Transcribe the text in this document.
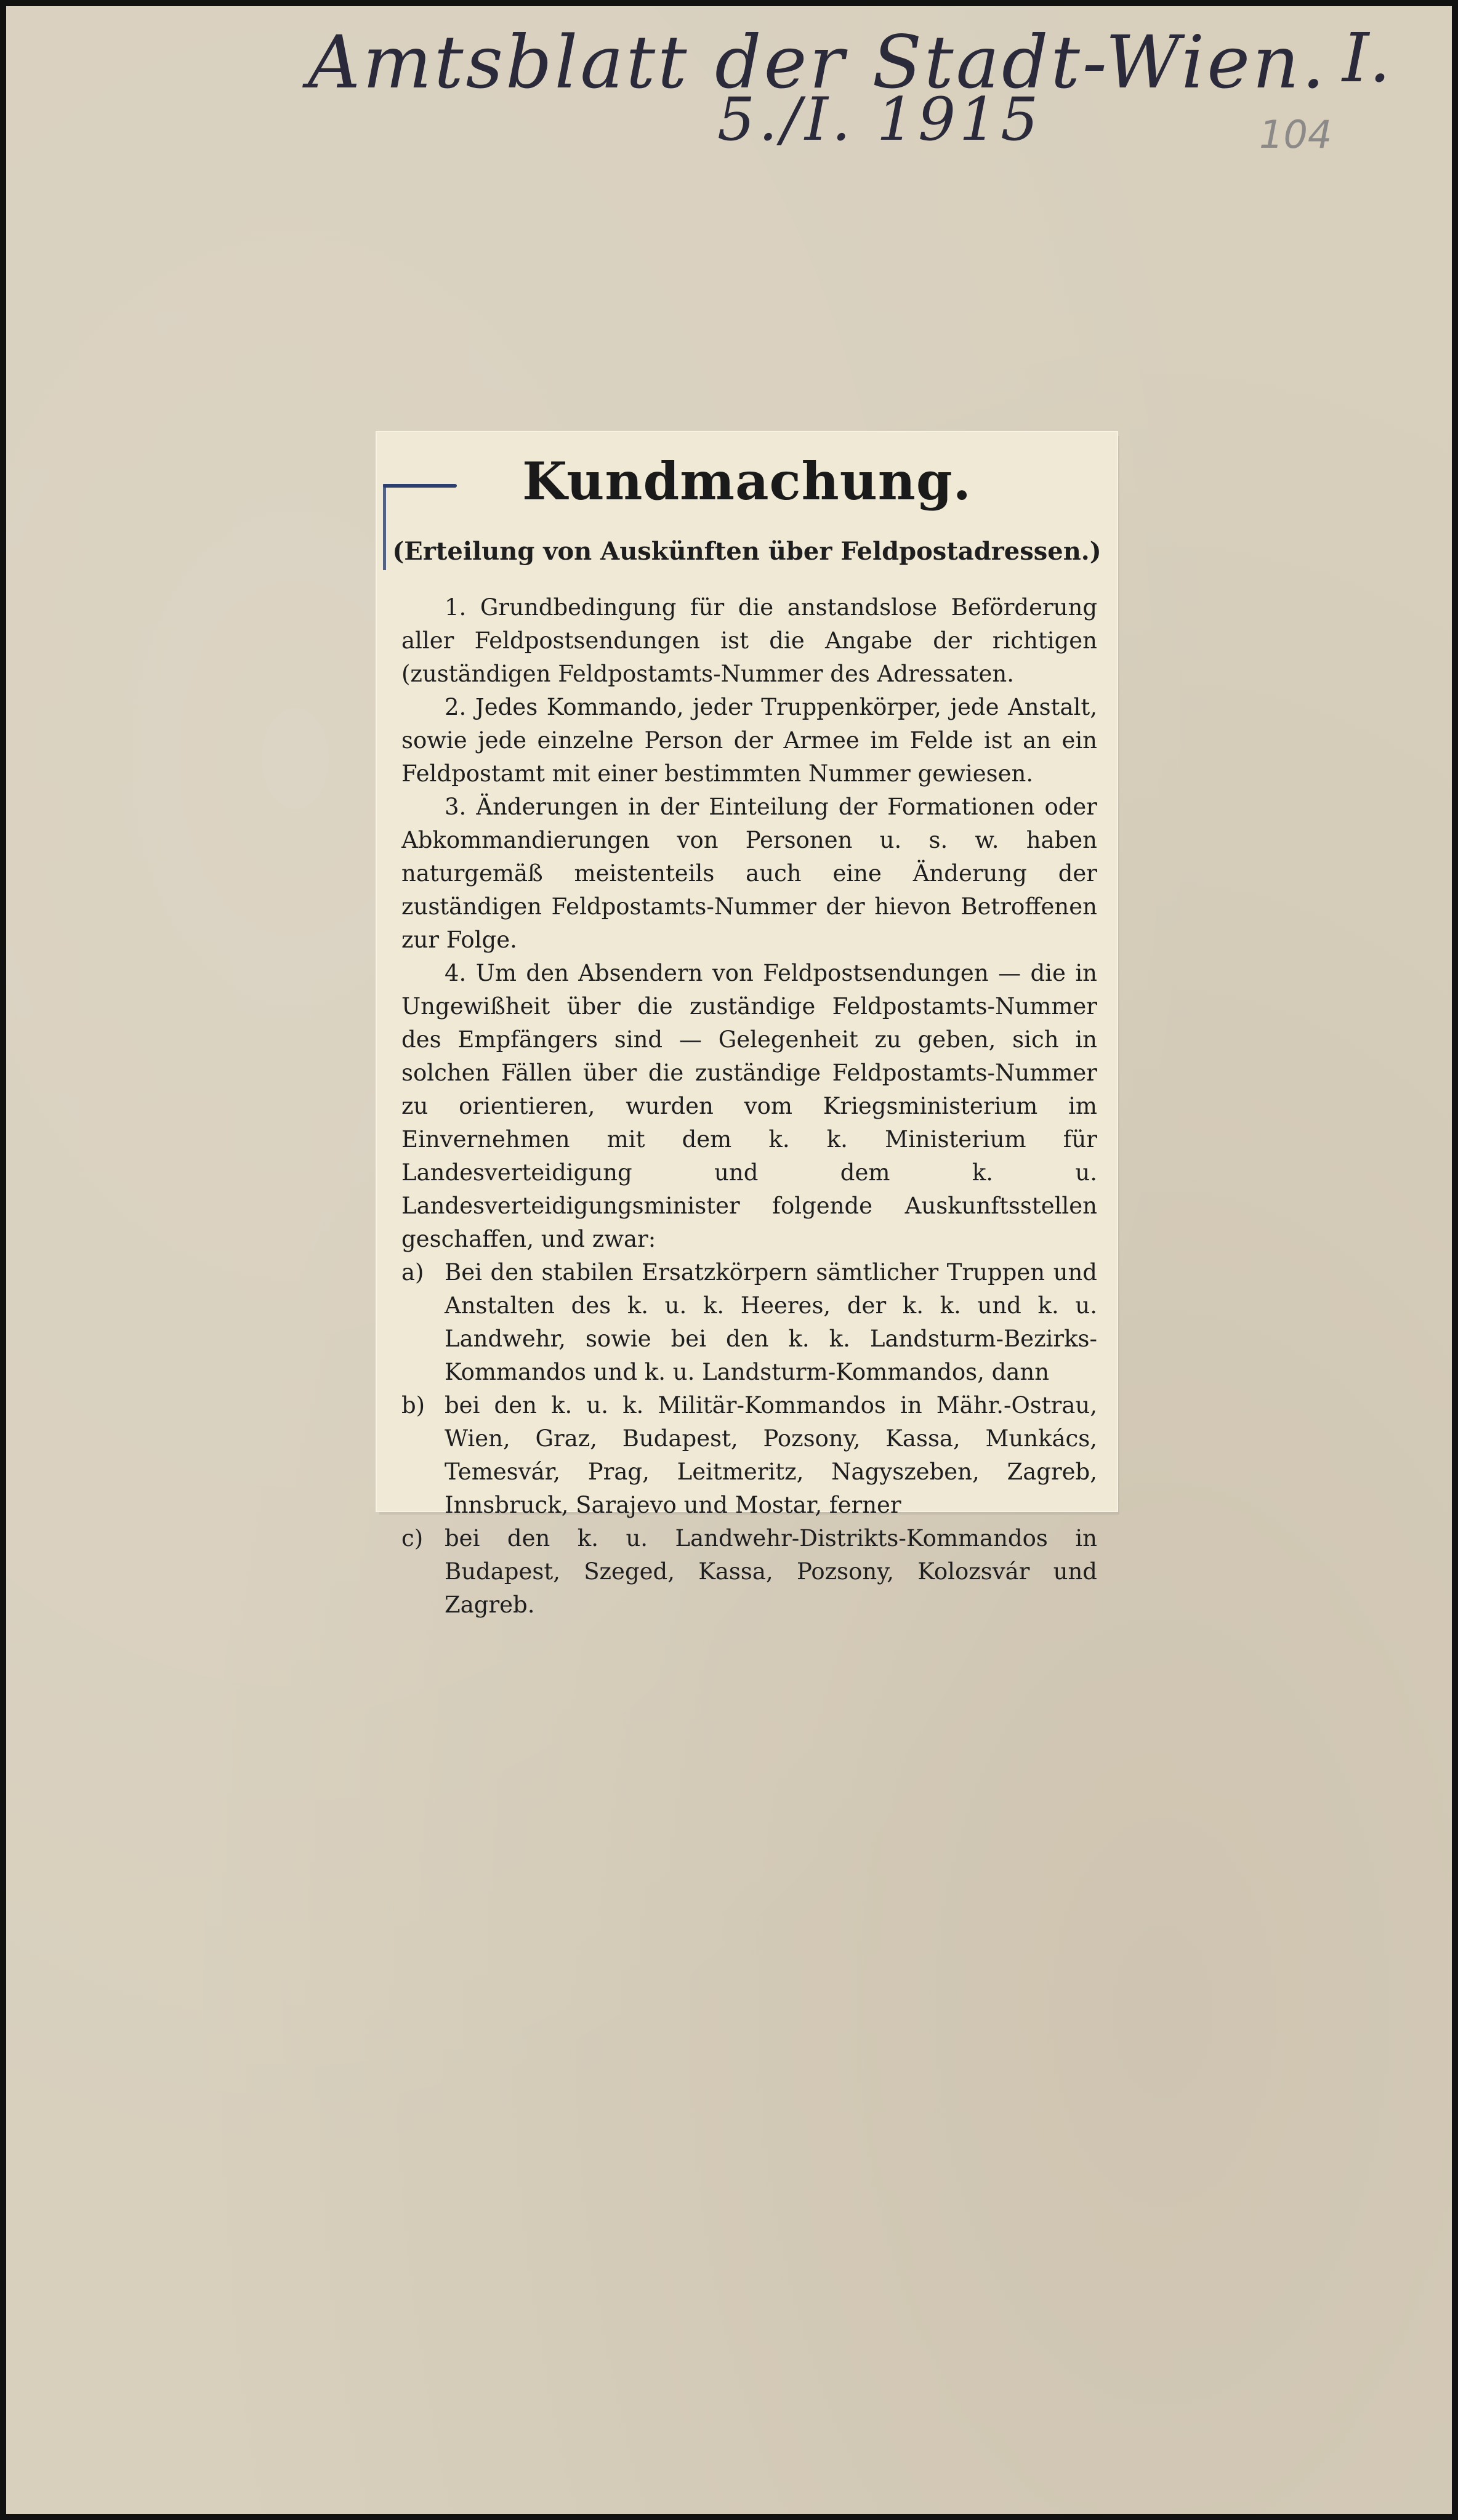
Amtsblatt der Stadt-Wien. I.
5./I. 1915	104
Kundmachung.
(Erteilung von Auskünften über Feldpostadressen.)

1. Grundbedingung für die anstandslose Beförderung aller Feldpostsendungen ist die Angabe der richtigen (zuständigen Feldpostamts-Nummer des Adressaten.

2. Jedes Kommando, jeder Truppenkörper, jede Anstalt, sowie jede einzelne Person der Armee im Felde ist an ein Feldpostamt mit einer bestimmten Nummer gewiesen.

3. Änderungen in der Einteilung der Formationen oder Abkommandierungen von Personen u. s. w. haben naturgemäß meistenteils auch eine Änderung der zuständigen Feldpostamts-Nummer der hievon Betroffenen zur Folge.

4. Um den Absendern von Feldpostsendungen — die in Ungewißheit über die zuständige Feldpostamts-Nummer des Empfängers sind — Gelegenheit zu geben, sich in solchen Fällen über die zuständige Feldpostamts-Nummer zu orientieren, wurden vom Kriegsministerium im Einvernehmen mit dem k. k. Ministerium für Landesverteidigung und dem k. u. Landesverteidigungsminister folgende Auskunftsstellen geschaffen, und zwar:

a) Bei den stabilen Ersatzkörpern sämtlicher Truppen und Anstalten des k. u. k. Heeres, der k. k. und k. u. Landwehr, sowie bei den k. k. Landsturm-Bezirks-Kommandos und k. u. Landsturm-Kommandos, dann
b) bei den k. u. k. Militär-Kommandos in Mähr.-Ostrau, Wien, Graz, Budapest, Pozsony, Kassa, Munkács, Temesvár, Prag, Leitmeritz, Nagyszeben, Zagreb, Innsbruck, Sarajevo und Mostar, ferner
c) bei den k. u. Landwehr-Distrikts-Kommandos in Budapest, Szeged, Kassa, Pozsony, Kolozsvár und Zagreb.
